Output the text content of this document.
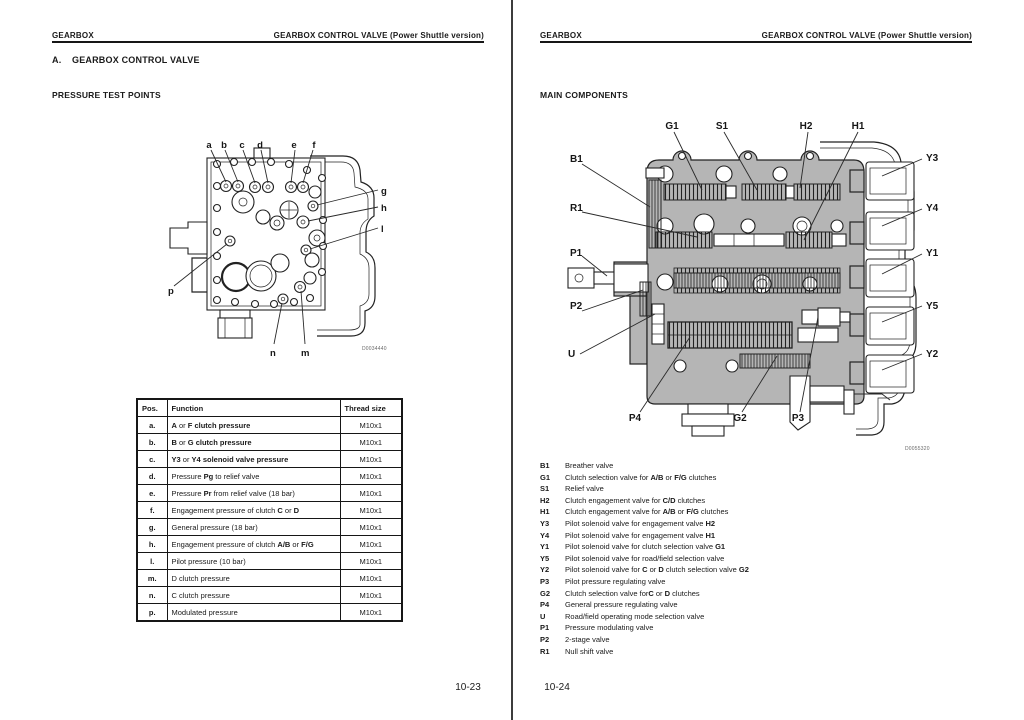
GEARBOX	GEARBOX CONTROL VALVE (Power Shuttle version)
A. GEARBOX CONTROL VALVE
PRESSURE TEST POINTS
a b c d	e f
g
h
l
p
n	m	D0034440
Pos.	Function	Thread size
a.	A or F clutch pressure	M10x1
b.	B or G clutch pressure	M10x1
c.	Y3 or Y4 solenoid valve pressure	M10x1
d.	Pressure Pg to relief valve	M10x1
e.	Pressure Pr from relief valve (18 bar)	M10x1
f.	Engagement pressure of clutch C or D	M10x1
g.	General pressure (18 bar)	M10x1
h.	Engagement pressure of clutch A/B or F/G	M10x1
l.	Pilot pressure (10 bar)	M10x1
m.	D clutch pressure	M10x1
n.	C clutch pressure	M10x1
p.	Modulated pressure	M10x1
10-23
GEARBOX	GEARBOX CONTROL VALVE (Power Shuttle version)
MAIN COMPONENTS
G1	S1	H2	H1
B1
R1
P1
P2
U
Y3
Y4
Y1
Y5
Y2
P4	G2	P3
D0055320
B1	Breather valve
G1	Clutch selection valve for A/B or F/G clutches
S1	Relief valve
H2	Clutch engagement valve for C/D clutches
H1	Clutch engagement valve for A/B or F/G clutches
Y3	Pilot solenoid valve for engagement valve H2
Y4	Pilot solenoid valve for engagement valve H1
Y1	Pilot solenoid valve for clutch selection valve G1
Y5	Pilot solenoid valve for road/field selection valve
Y2	Pilot solenoid valve for C or D clutch selection valve G2
P3	Pilot pressure regulating valve
G2	Clutch selection valve forC or D clutches
P4	General pressure regulating valve
U	Road/field operating mode selection valve
P1	Pressure modulating valve
P2	2-stage valve
R1	Null shift valve
10-24
